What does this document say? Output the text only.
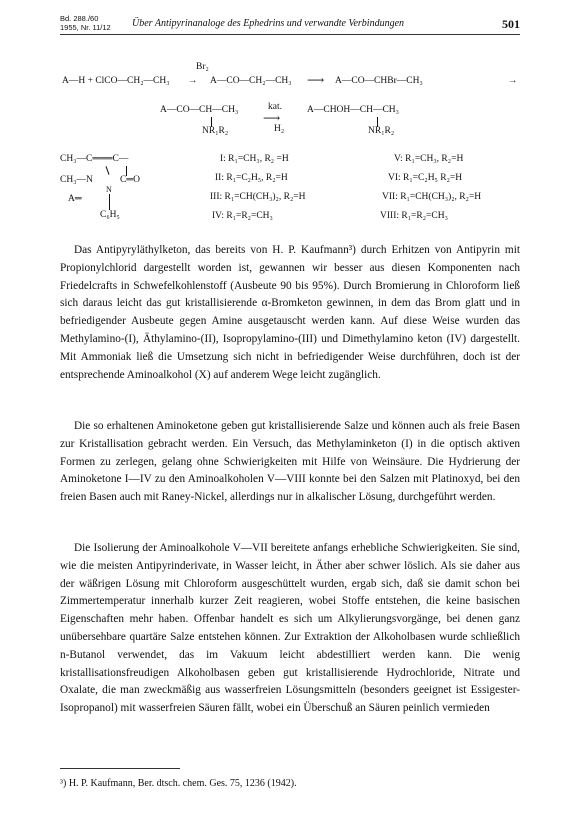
Bd. 288./60
1955, Nr. 11/12 Über Antipyrinanaloge des Ephedrins und verwandte Verbindungen	501
Br₂
A—H + ClCO—CH₂—CH₃ → A—CO—CH₂—CH₃ ⟶ A—CO—CHBr—CH₃	→
A—CO—CH—CH₃	kat.
⟶
H₂
A—CHOH—CH—CH₃
NR₁R₂	NR₁R₂
CH₃—C═══C—
CH₃—N
N
C═O
A═
C₆H₅
I: R₁=CH₃, R₂ =H
II: R₁=C₂H₅, R₂=H
III: R₁=CH(CH₃)₂, R₂=H
IV: R₁=R₂=CH₃
V: R₁=CH₃, R₂=H
VI: R₁=C₂H₅ R₂=H
VII: R₁=CH(CH₃)₂, R₂=H
VIII: R₁=R₂=CH₃

Das Antipyryläthylketon, das bereits von H. P. Kaufmann³) durch Erhitzen von Antipyrin mit Propionylchlorid dargestellt worden ist, gewannen wir besser aus diesen Komponenten nach Friedelcrafts in Schwefelkohlenstoff (Ausbeute 90 bis 95%). Durch Bromierung in Chloroform ließ sich daraus leicht das gut kristallisierende α-Bromketon gewinnen, in dem das Brom glatt und in befriedigender Ausbeute gegen Amine ausgetauscht werden kann. Auf diese Weise wurden das Methylamino-(I), Äthylamino-(II), Isopropylamino-(III) und Dimethylamino keton (IV) dargestellt. Mit Ammoniak ließ die Umsetzung sich nicht in befriedigender Weise durchführen, doch ist der entsprechende Aminoalkohol (X) auf anderem Wege leicht zugänglich.

Die so erhaltenen Aminoketone geben gut kristallisierende Salze und können auch als freie Basen zur Kristallisation gebracht werden. Ein Versuch, das Methylaminketon (I) in die optisch aktiven Formen zu zerlegen, gelang ohne Schwierigkeiten mit Hilfe von Weinsäure. Die Hydrierung der Aminoketone I—IV zu den Aminoalkoholen V—VIII konnte bei den Salzen mit Platinoxyd, bei den freien Basen auch mit Raney-Nickel, allerdings nur in alkalischer Lösung, durchgeführt werden.

Die Isolierung der Aminoalkohole V—VII bereitete anfangs erhebliche Schwierigkeiten. Sie sind, wie die meisten Antipyrinderivate, in Wasser leicht, in Äther aber schwer löslich. Als sie daher aus der wäßrigen Lösung mit Chloroform ausgeschüttelt wurden, ergab sich, daß sie damit schon bei Zimmertemperatur innerhalb kurzer Zeit reagieren, wobei Stoffe entstehen, die keine basischen Eigenschaften mehr haben. Offenbar handelt es sich um Alkylierungsvorgänge, bei denen ganz unübersehbare quartäre Salze entstehen können. Zur Extraktion der Alkoholbasen wurde schließlich n-Butanol verwendet, das im Vakuum leicht abdestilliert werden kann. Die wenig kristallisationsfreudigen Alkoholbasen geben gut kristallisierende Hydrochloride, Nitrate und Oxalate, die man zweckmäßig aus wasserfreien Lösungsmitteln (besonders geeignet ist Essigester-Isopropanol) mit wasserfreien Säuren fällt, wobei ein Überschuß an Säuren peinlich vermieden

³) H. P. Kaufmann, Ber. dtsch. chem. Ges. 75, 1236 (1942).
